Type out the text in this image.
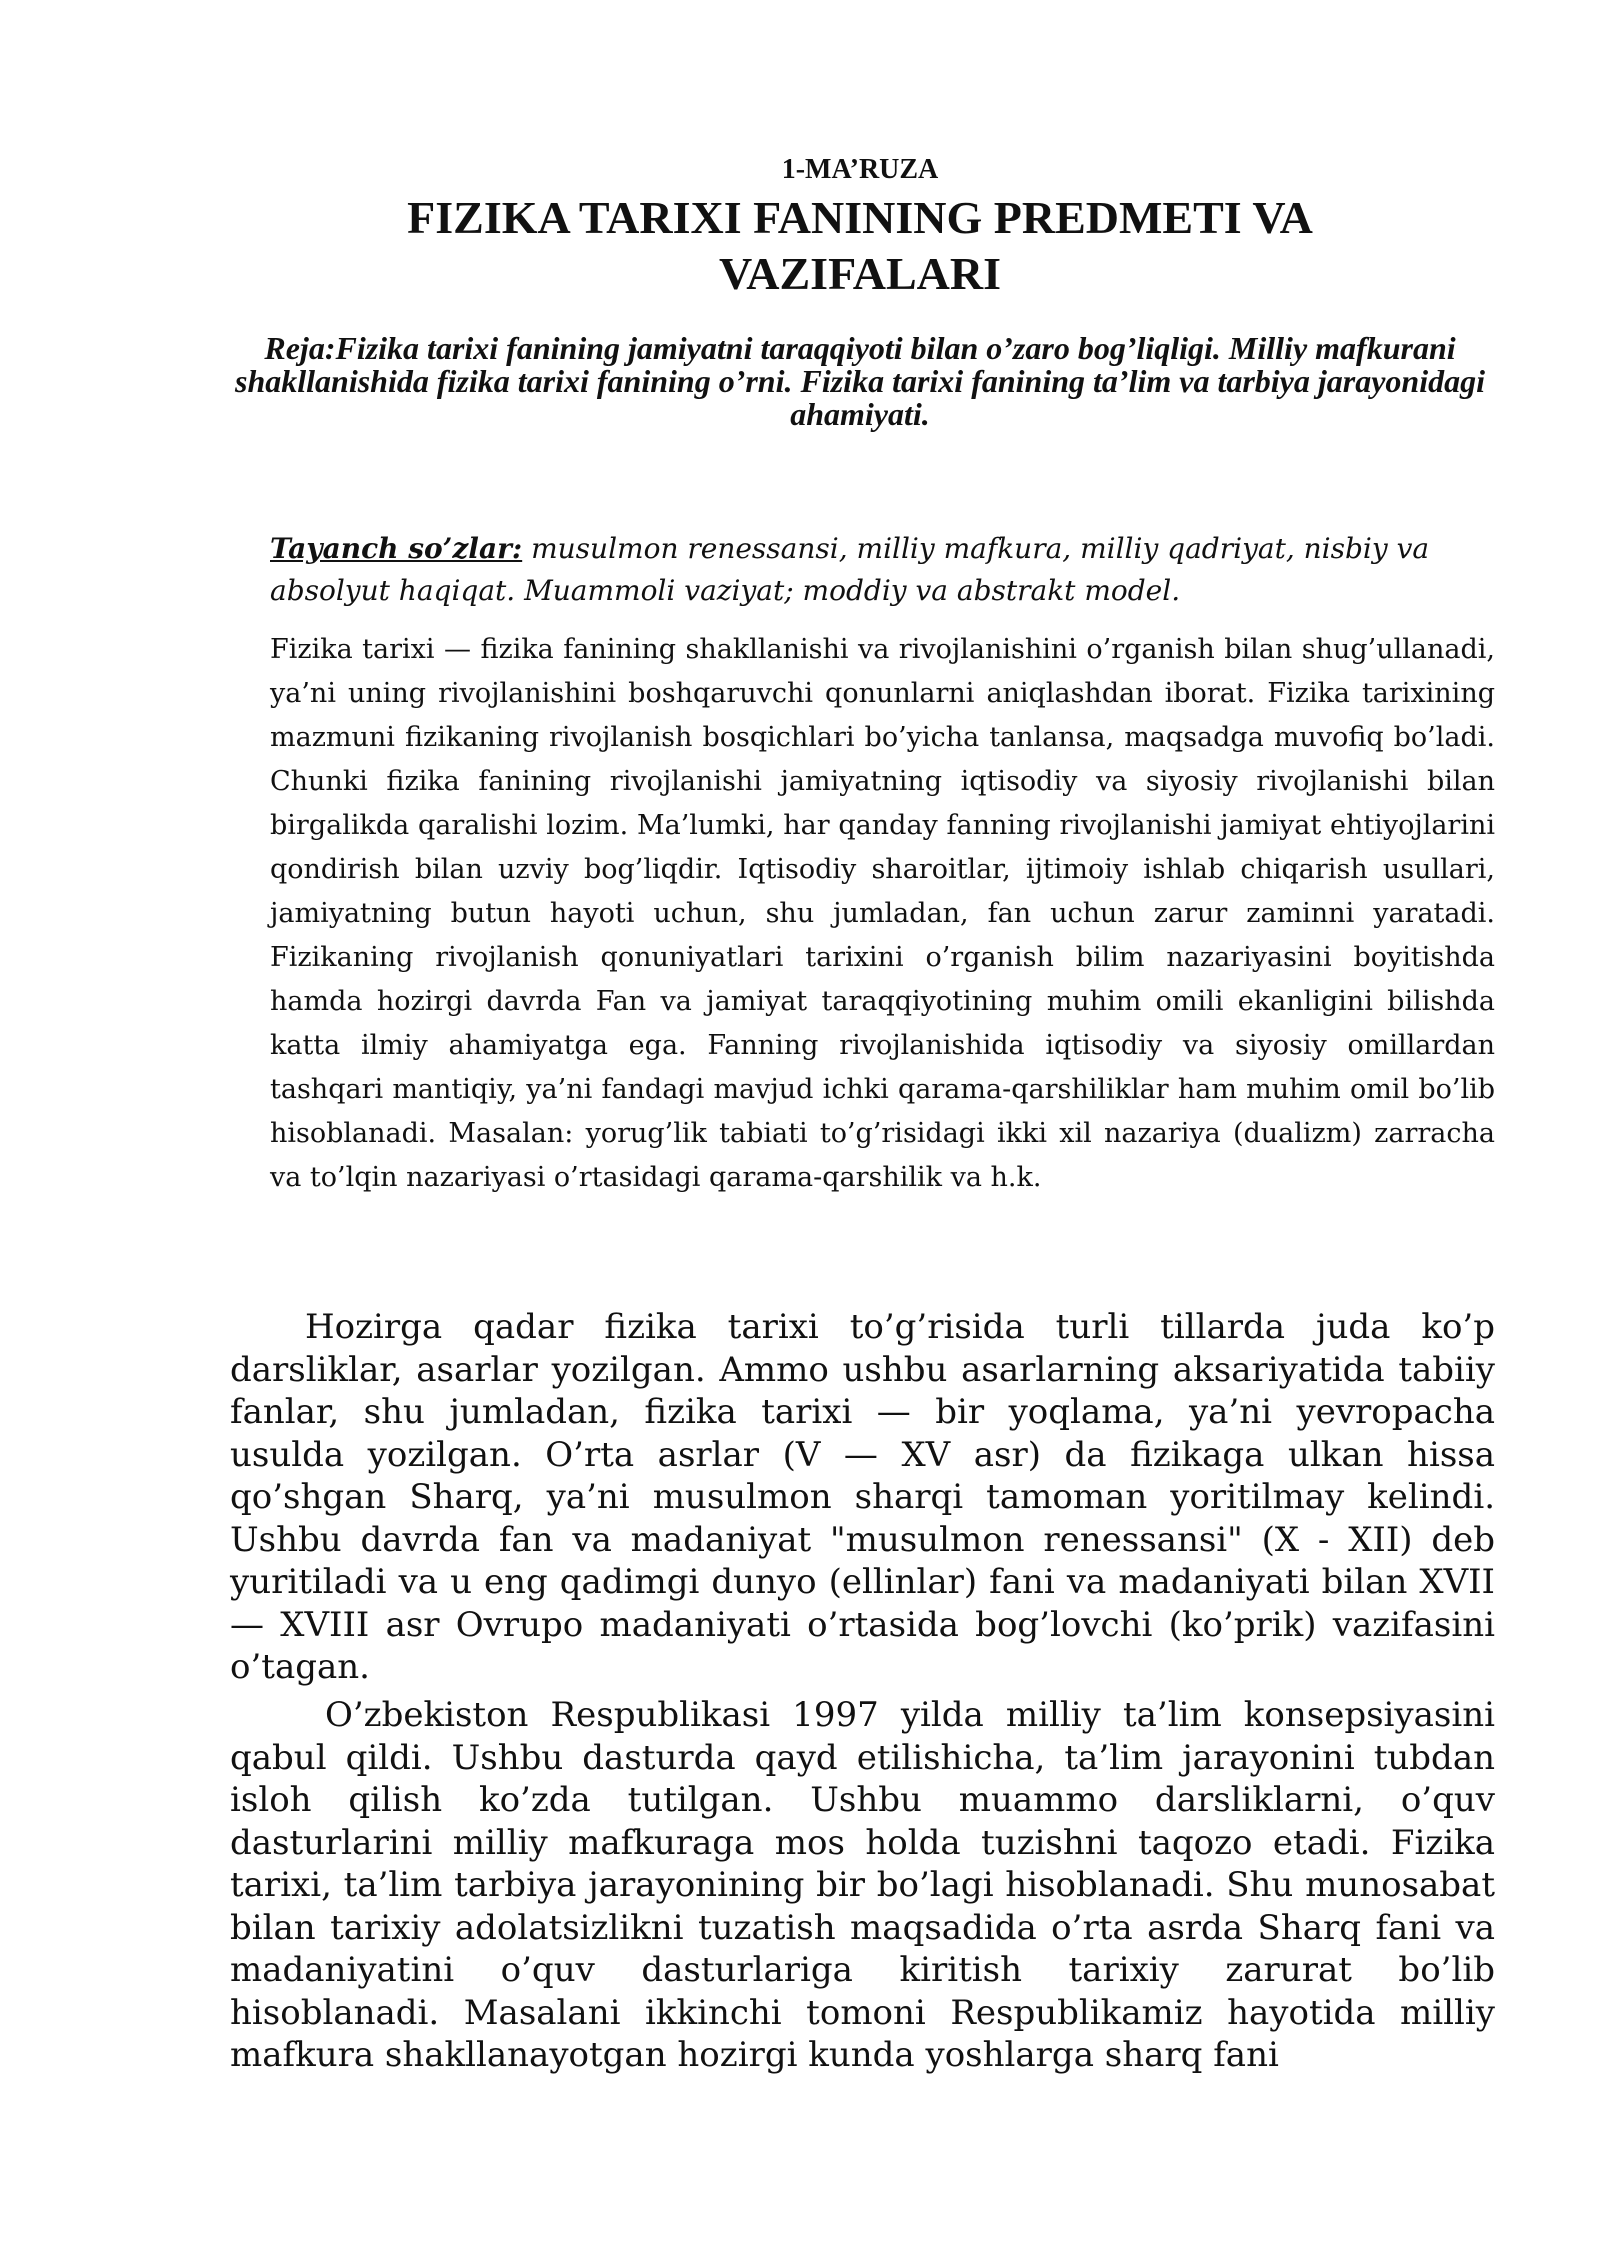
1-MA’RUZA
FIZIKA TARIXI FANINING PREDMETI VA
VAZIFALARI
Reja:Fizika tarixi fanining jamiyatni taraqqiyoti bilan o’zaro bog’liqligi. Milliy mafkurani shakllanishida fizika tarixi fanining o’rni. Fizika tarixi fanining ta’lim va tarbiya jarayonidagi ahamiyati.
Tayanch so’zlar: musulmon renessansi, milliy mafkura, milliy qadriyat, nisbiy va absolyut haqiqat. Muammoli vaziyat; moddiy va abstrakt model.
Fizika tarixi — fizika fanining shakllanishi va rivojlanishini o’rganish bilan shug’ullanadi, ya’ni uning rivojlanishini boshqaruvchi qonunlarni aniqlashdan iborat. Fizika tarixining mazmuni fizikaning rivojlanish bosqichlari bo’yicha tanlansa, maqsadga muvofiq bo’ladi. Chunki fizika fanining rivojlanishi jamiyatning iqtisodiy va siyosiy rivojlanishi bilan birgalikda qaralishi lozim. Ma’lumki, har qanday fanning rivojlanishi jamiyat ehtiyojlarini qondirish bilan uzviy bog’liqdir. Iqtisodiy sharoitlar, ijtimoiy ishlab chiqarish usullari, jamiyatning butun hayoti uchun, shu jumladan, fan uchun zarur zaminni yaratadi. Fizikaning rivojlanish qonuniyatlari tarixini o’rganish bilim nazariyasini boyitishda hamda hozirgi davrda Fan va jamiyat taraqqiyotining muhim omili ekanligini bilishda katta ilmiy ahamiyatga ega. Fanning rivojlanishida iqtisodiy va siyosiy omillardan tashqari mantiqiy, ya’ni fandagi mavjud ichki qarama-qarshiliklar ham muhim omil bo’lib hisoblanadi. Masalan: yorug’lik tabiati to’g’risidagi ikki xil nazariya (dualizm) zarracha va to’lqin nazariyasi o’rtasidagi qarama-qarshilik va h.k.
Hozirga qadar fizika tarixi to’g’risida turli tillarda juda ko’p darsliklar, asarlar yozilgan. Ammo ushbu asarlarning aksariyatida tabiiy fanlar, shu jumladan, fizika tarixi — bir yoqlama, ya’ni yevropacha usulda yozilgan. O’rta asrlar (V — XV asr) da fizikaga ulkan hissa qo’shgan Sharq, ya’ni musulmon sharqi tamoman yoritilmay kelindi. Ushbu davrda fan va madaniyat "musulmon renessansi" (X - XII) deb yuritiladi va u eng qadimgi dunyo (ellinlar) fani va madaniyati bilan XVII — XVIII asr Ovrupo madaniyati o’rtasida bog’lovchi (ko’prik) vazifasini o’tagan.
O’zbekiston Respublikasi 1997 yilda milliy ta’lim konsepsiyasini qabul qildi. Ushbu dasturda qayd etilishicha, ta’lim jarayonini tubdan isloh qilish ko’zda tutilgan. Ushbu muammo darsliklarni, o’quv dasturlarini milliy mafkuraga mos holda tuzishni taqozo etadi. Fizika tarixi, ta’lim tarbiya jarayonining bir bo’lagi hisoblanadi. Shu munosabat bilan tarixiy adolatsizlikni tuzatish maqsadida o’rta asrda Sharq fani va madaniyatini o’quv dasturlariga kiritish tarixiy zarurat bo’lib hisoblanadi. Masalani ikkinchi tomoni Respublikamiz hayotida milliy mafkura shakllanayotgan hozirgi kunda yoshlarga sharq fani
